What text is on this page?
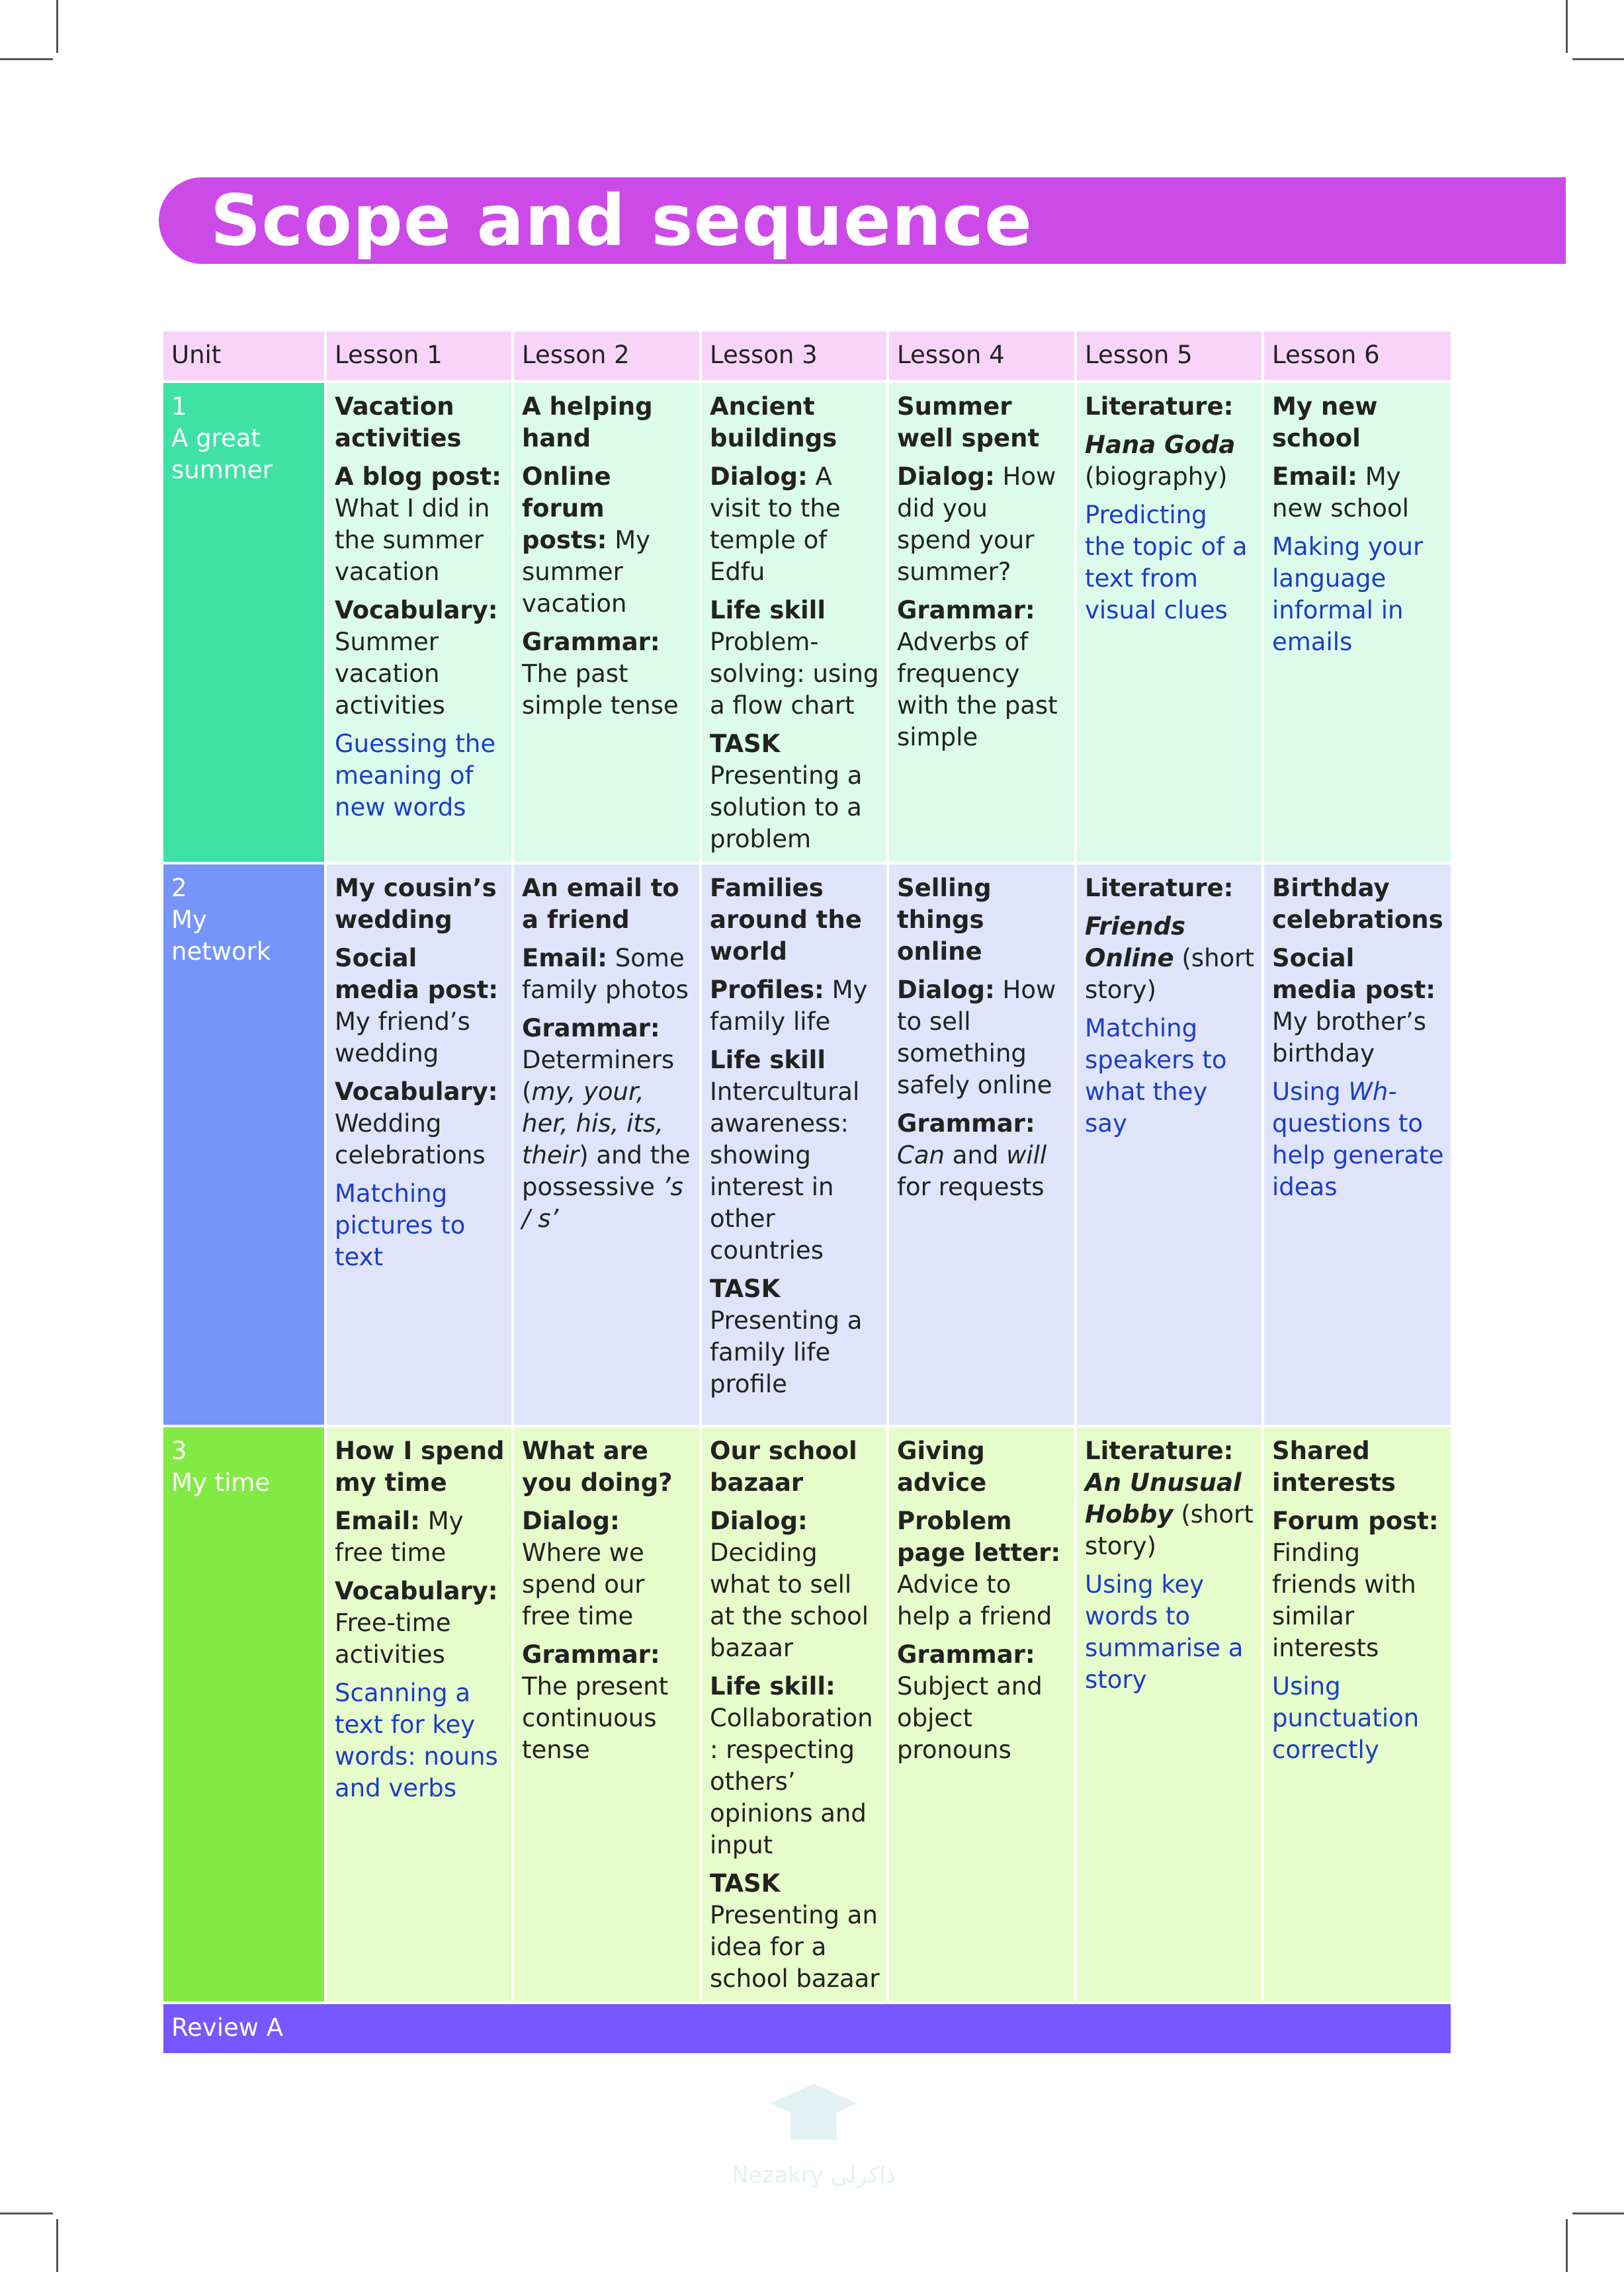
Scope and sequence
Unit	Lesson 1	Lesson 2	Lesson 3	Lesson 4	Lesson 5	Lesson 6
1A great summer	Vacation activities
A blog post: What I did in the summer vacation
Vocabulary: Summer vacation activities
Guessing the meaning of new words	A helping hand
Online forum posts: My summer vacation
Grammar: The past simple tense	Ancient buildings
Dialog: A visit to the temple of Edfu
Life skill Problem-solving: using a flow chart
TASK Presenting a solution to a problem	Summer well spent
Dialog: How did you spend your summer?
Grammar: Adverbs of frequency with the past simple	Literature:
Hana Goda (biography)
Predicting the topic of a text from visual clues	My new school
Email: My new school
Making your language informal in emails

2My network	My cousin’s wedding
Social media post: My friend’s wedding
Vocabulary: Wedding celebrations
Matching pictures to text	An email to a friend
Email: Some family photos
Grammar: Determiners (my, your, her, his, its, their) and the possessive ’s / s’	Families around the world
Profiles: My family life
Life skill Intercultural awareness: showing interest in other countries
TASK Presenting a family life profile	Selling things online
Dialog: How to sell something safely online
Grammar: Can and will for requests	Literature:
Friends Online (short story)
Matching speakers to what they say	Birthday celebrations
Social media post: My brother’s birthday
Using Wh- questions to help generate ideas

3My time	How I spend my time
Email: My free time
Vocabulary: Free-time activities
Scanning a text for key words: nouns and verbs	What are you doing?
Dialog: Where we spend our free time
Grammar: The present continuous tense	Our school bazaar
Dialog: Deciding what to sell at the school bazaar
Life skill: Collaboration: respecting others’ opinions and input
TASK Presenting an idea for a school bazaar	Giving advice
Problem page letter: Advice to help a friend
Grammar: Subject and object pronouns	Literature: An Unusual Hobby (short story)
Using key words to summarise a story	Shared interests
Forum post: Finding friends with similar interests
Using punctuation correctly

Review A						
Nezakry ذاكرلي
